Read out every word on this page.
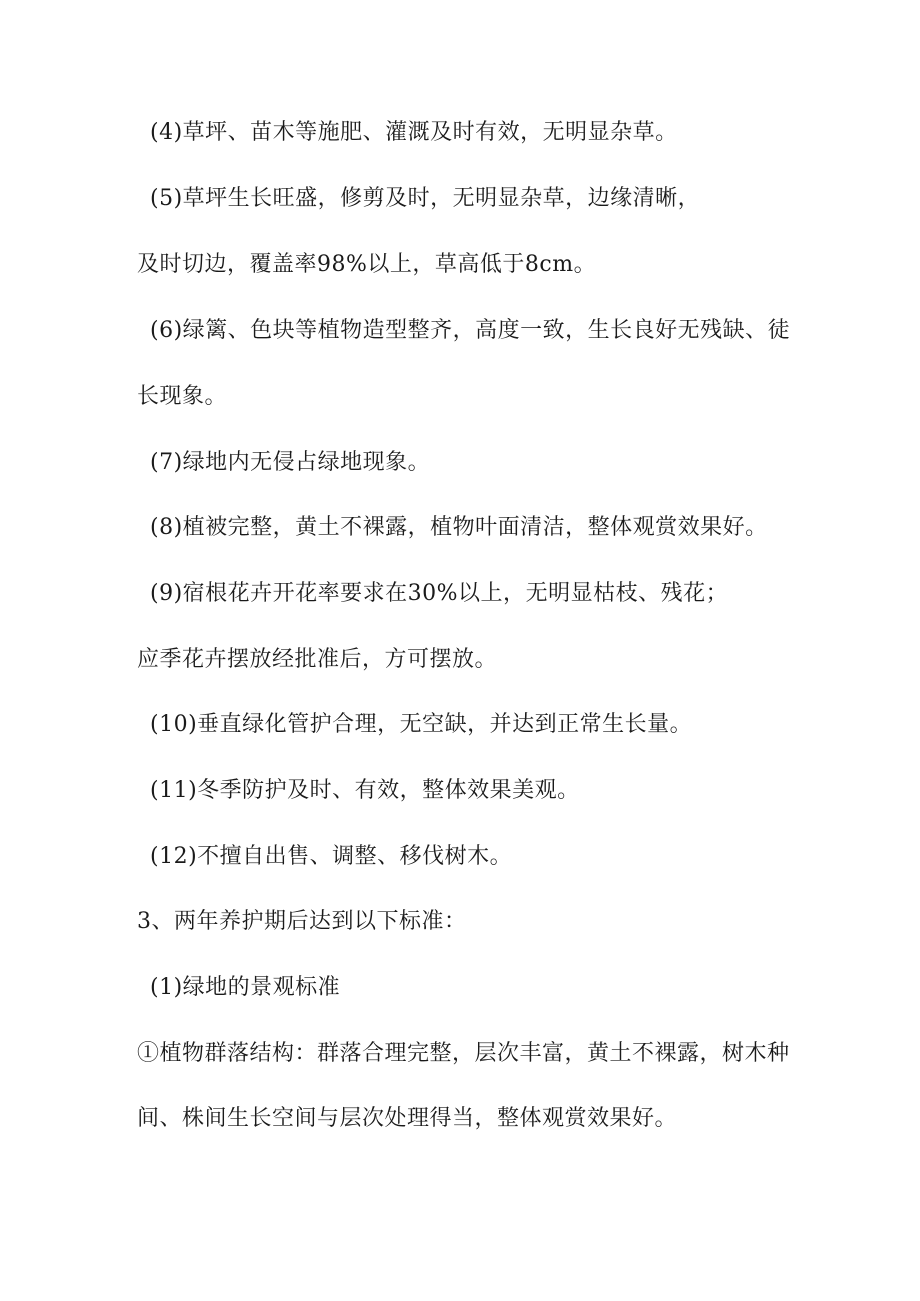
(4)草坪、苗木等施肥、灌溉及时有效，无明显杂草。
(5)草坪生长旺盛，修剪及时，无明显杂草，边缘清晰，
及时切边，覆盖率98%以上，草高低于8cm。
(6)绿篱、色块等植物造型整齐，高度一致，生长良好无残缺、徒
长现象。
(7)绿地内无侵占绿地现象。
(8)植被完整，黄土不裸露，植物叶面清洁，整体观赏效果好。
(9)宿根花卉开花率要求在30%以上，无明显枯枝、残花；
应季花卉摆放经批准后，方可摆放。
(10)垂直绿化管护合理，无空缺，并达到正常生长量。
(11)冬季防护及时、有效，整体效果美观。
(12)不擅自出售、调整、移伐树木。
3、两年养护期后达到以下标准：
(1)绿地的景观标准
①植物群落结构：群落合理完整，层次丰富，黄土不裸露，树木种
间、株间生长空间与层次处理得当，整体观赏效果好。
